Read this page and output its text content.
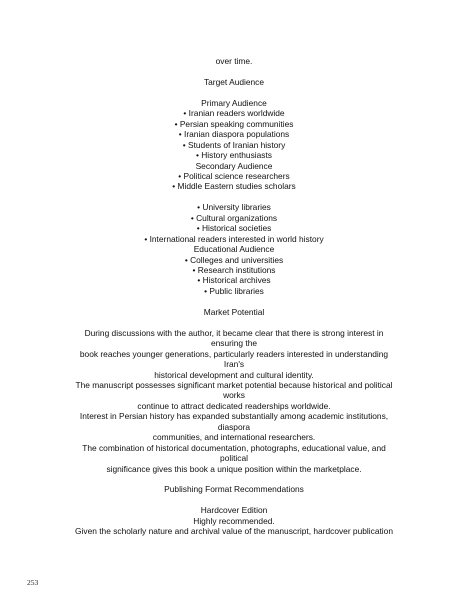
over time.
Target Audience
Primary Audience
• Iranian readers worldwide
• Persian speaking communities
• Iranian diaspora populations
• Students of Iranian history
• History enthusiasts
Secondary Audience
• Political science researchers
• Middle Eastern studies scholars
• University libraries
• Cultural organizations
• Historical societies
• International readers interested in world history
Educational Audience
• Colleges and universities
• Research institutions
• Historical archives
• Public libraries
Market Potential
During discussions with the author, it became clear that there is strong interest in
ensuring the
book reaches younger generations, particularly readers interested in understanding
Iran's
historical development and cultural identity.
The manuscript possesses significant market potential because historical and political
works
continue to attract dedicated readerships worldwide.
Interest in Persian history has expanded substantially among academic institutions,
diaspora
communities, and international researchers.
The combination of historical documentation, photographs, educational value, and
political
significance gives this book a unique position within the marketplace.
Publishing Format Recommendations
Hardcover Edition
Highly recommended.
Given the scholarly nature and archival value of the manuscript, hardcover publication
253
